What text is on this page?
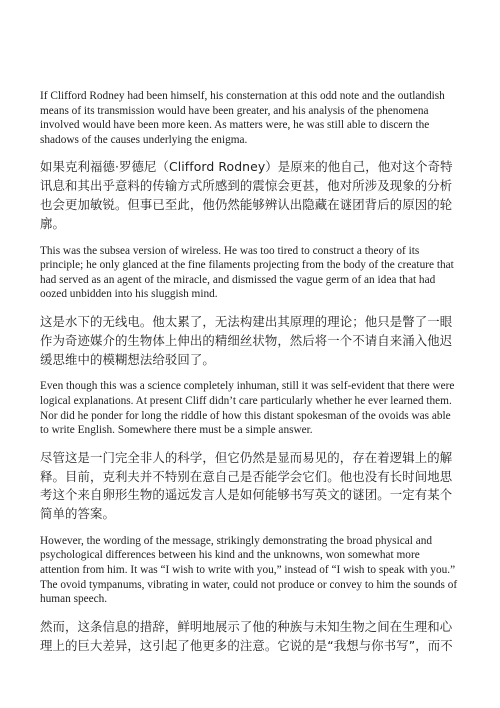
If Clifford Rodney had been himself, his consternation at this odd note and the outlandish means of its transmission would have been greater, and his analysis of the phenomena involved would have been more keen. As matters were, he was still able to discern the shadows of the causes underlying the enigma.

如果克利福德·罗德尼（Clifford Rodney）是原来的他自己，他对这个奇特讯息和其出乎意料的传输方式所感到的震惊会更甚，他对所涉及现象的分析也会更加敏锐。但事已至此，他仍然能够辨认出隐藏在谜团背后的原因的轮廓。

This was the subsea version of wireless. He was too tired to construct a theory of its principle; he only glanced at the fine filaments projecting from the body of the creature that had served as an agent of the miracle, and dismissed the vague germ of an idea that had oozed unbidden into his sluggish mind.

这是水下的无线电。他太累了，无法构建出其原理的理论；他只是瞥了一眼作为奇迹媒介的生物体上伸出的精细丝状物，然后将一个不请自来涌入他迟缓思维中的模糊想法给驳回了。

Even though this was a science completely inhuman, still it was self-evident that there were logical explanations. At present Cliff didn’t care particularly whether he ever learned them. Nor did he ponder for long the riddle of how this distant spokesman of the ovoids was able to write English. Somewhere there must be a simple answer.

尽管这是一门完全非人的科学，但它仍然是显而易见的，存在着逻辑上的解释。目前，克利夫并不特别在意自己是否能学会它们。他也没有长时间地思考这个来自卵形生物的遥远发言人是如何能够书写英文的谜团。一定有某个简单的答案。

However, the wording of the message, strikingly demonstrating the broad physical and psychological differences between his kind and the unknowns, won somewhat more attention from him. It was “I wish to write with you,” instead of “I wish to speak with you.” The ovoid tympanums, vibrating in water, could not produce or convey to him the sounds of human speech.

然而，这条信息的措辞，鲜明地展示了他的种族与未知生物之间在生理和心理上的巨大差异，这引起了他更多的注意。它说的是“我想与你书写”，而不
